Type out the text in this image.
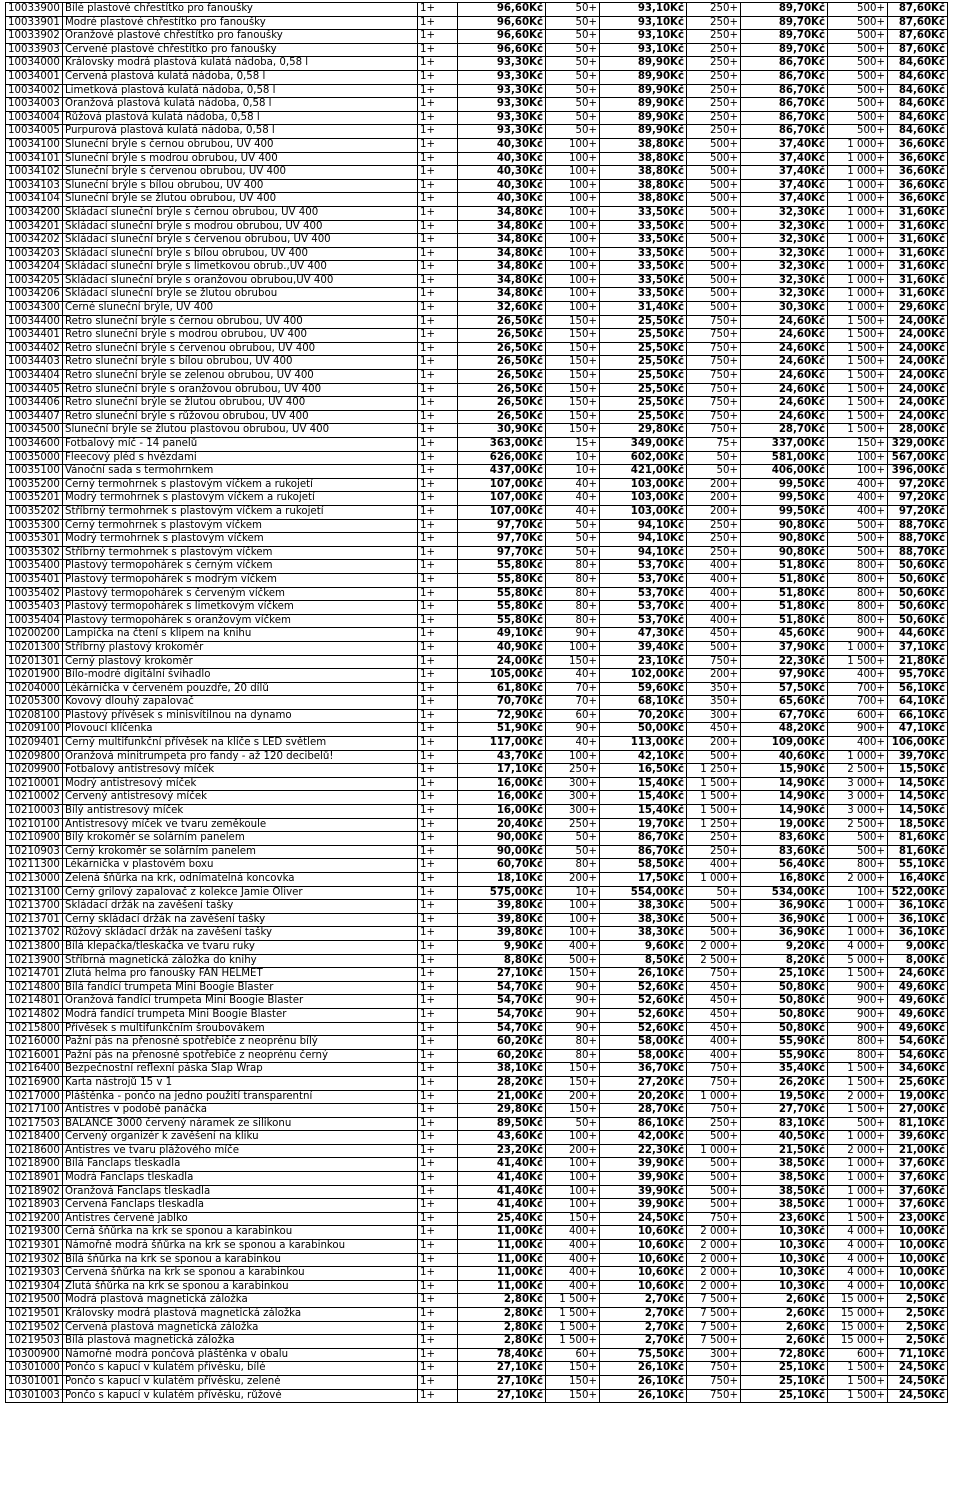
10033900	Bílé plastové chřestítko pro fanoušky	1+	96,60Kč	50+	93,10Kč	250+	89,70Kč	500+	87,60Kč
10033901	Modré plastové chřestítko pro fanoušky	1+	96,60Kč	50+	93,10Kč	250+	89,70Kč	500+	87,60Kč
10033902	Oranžové plastové chřestítko pro fanoušky	1+	96,60Kč	50+	93,10Kč	250+	89,70Kč	500+	87,60Kč
10033903	Červené plastové chřestítko pro fanoušky	1+	96,60Kč	50+	93,10Kč	250+	89,70Kč	500+	87,60Kč
10034000	Královsky modrá plastová kulatá nádoba, 0,58 l	1+	93,30Kč	50+	89,90Kč	250+	86,70Kč	500+	84,60Kč
10034001	Červená plastová kulatá nádoba, 0,58 l	1+	93,30Kč	50+	89,90Kč	250+	86,70Kč	500+	84,60Kč
10034002	Limetková plastová kulatá nádoba, 0,58 l	1+	93,30Kč	50+	89,90Kč	250+	86,70Kč	500+	84,60Kč
10034003	Oranžová plastová kulatá nádoba, 0,58 l	1+	93,30Kč	50+	89,90Kč	250+	86,70Kč	500+	84,60Kč
10034004	Růžová plastová kulatá nádoba, 0,58 l	1+	93,30Kč	50+	89,90Kč	250+	86,70Kč	500+	84,60Kč
10034005	Purpurová plastová kulatá nádoba, 0,58 l	1+	93,30Kč	50+	89,90Kč	250+	86,70Kč	500+	84,60Kč
10034100	Sluneční brýle s černou obrubou, UV 400	1+	40,30Kč	100+	38,80Kč	500+	37,40Kč	1 000+	36,60Kč
10034101	Sluneční brýle s modrou obrubou, UV 400	1+	40,30Kč	100+	38,80Kč	500+	37,40Kč	1 000+	36,60Kč
10034102	Sluneční brýle s červenou obrubou, UV 400	1+	40,30Kč	100+	38,80Kč	500+	37,40Kč	1 000+	36,60Kč
10034103	Sluneční brýle s bílou obrubou, UV 400	1+	40,30Kč	100+	38,80Kč	500+	37,40Kč	1 000+	36,60Kč
10034104	Sluneční brýle se žlutou obrubou, UV 400	1+	40,30Kč	100+	38,80Kč	500+	37,40Kč	1 000+	36,60Kč
10034200	Skládací sluneční brýle s černou obrubou, UV 400	1+	34,80Kč	100+	33,50Kč	500+	32,30Kč	1 000+	31,60Kč
10034201	Skládací sluneční brýle s modrou obrubou, UV 400	1+	34,80Kč	100+	33,50Kč	500+	32,30Kč	1 000+	31,60Kč
10034202	Skládací sluneční brýle s červenou obrubou, UV 400	1+	34,80Kč	100+	33,50Kč	500+	32,30Kč	1 000+	31,60Kč
10034203	Skládací sluneční brýle s bílou obrubou, UV 400	1+	34,80Kč	100+	33,50Kč	500+	32,30Kč	1 000+	31,60Kč
10034204	Skládací sluneční brýle s limetkovou obrub.,UV 400	1+	34,80Kč	100+	33,50Kč	500+	32,30Kč	1 000+	31,60Kč
10034205	Skládací sluneční brýle s oranžovou obrubou,UV 400	1+	34,80Kč	100+	33,50Kč	500+	32,30Kč	1 000+	31,60Kč
10034206	Skládací sluneční brýle se žlutou obrubou	1+	34,80Kč	100+	33,50Kč	500+	32,30Kč	1 000+	31,60Kč
10034300	Černé sluneční brýle, UV 400	1+	32,60Kč	100+	31,40Kč	500+	30,30Kč	1 000+	29,60Kč
10034400	Retro sluneční brýle s černou obrubou, UV 400	1+	26,50Kč	150+	25,50Kč	750+	24,60Kč	1 500+	24,00Kč
10034401	Retro sluneční brýle s modrou obrubou, UV 400	1+	26,50Kč	150+	25,50Kč	750+	24,60Kč	1 500+	24,00Kč
10034402	Retro sluneční brýle s červenou obrubou, UV 400	1+	26,50Kč	150+	25,50Kč	750+	24,60Kč	1 500+	24,00Kč
10034403	Retro sluneční brýle s bílou obrubou, UV 400	1+	26,50Kč	150+	25,50Kč	750+	24,60Kč	1 500+	24,00Kč
10034404	Retro sluneční brýle se zelenou obrubou, UV 400	1+	26,50Kč	150+	25,50Kč	750+	24,60Kč	1 500+	24,00Kč
10034405	Retro sluneční brýle s oranžovou obrubou, UV 400	1+	26,50Kč	150+	25,50Kč	750+	24,60Kč	1 500+	24,00Kč
10034406	Retro sluneční brýle se žlutou obrubou, UV 400	1+	26,50Kč	150+	25,50Kč	750+	24,60Kč	1 500+	24,00Kč
10034407	Retro sluneční brýle s růžovou obrubou, UV 400	1+	26,50Kč	150+	25,50Kč	750+	24,60Kč	1 500+	24,00Kč
10034500	Sluneční brýle se žlutou plastovou obrubou, UV 400	1+	30,90Kč	150+	29,80Kč	750+	28,70Kč	1 500+	28,00Kč
10034600	Fotbalový míč - 14 panelů	1+	363,00Kč	15+	349,00Kč	75+	337,00Kč	150+	329,00Kč
10035000	Fleecový pléd s hvězdami	1+	626,00Kč	10+	602,00Kč	50+	581,00Kč	100+	567,00Kč
10035100	Vánoční sada s termohrnkem	1+	437,00Kč	10+	421,00Kč	50+	406,00Kč	100+	396,00Kč
10035200	Černý termohrnek s plastovým víčkem a rukojetí	1+	107,00Kč	40+	103,00Kč	200+	99,50Kč	400+	97,20Kč
10035201	Modrý termohrnek s plastovým víčkem a rukojetí	1+	107,00Kč	40+	103,00Kč	200+	99,50Kč	400+	97,20Kč
10035202	Stříbrný termohrnek s plastovým víčkem a rukojetí	1+	107,00Kč	40+	103,00Kč	200+	99,50Kč	400+	97,20Kč
10035300	Černý termohrnek s plastovým víčkem	1+	97,70Kč	50+	94,10Kč	250+	90,80Kč	500+	88,70Kč
10035301	Modrý termohrnek s plastovým víčkem	1+	97,70Kč	50+	94,10Kč	250+	90,80Kč	500+	88,70Kč
10035302	Stříbrný termohrnek s plastovým víčkem	1+	97,70Kč	50+	94,10Kč	250+	90,80Kč	500+	88,70Kč
10035400	Plastový termopohárek s černým víčkem	1+	55,80Kč	80+	53,70Kč	400+	51,80Kč	800+	50,60Kč
10035401	Plastový termopohárek s modrým víčkem	1+	55,80Kč	80+	53,70Kč	400+	51,80Kč	800+	50,60Kč
10035402	Plastový termopohárek s červeným víčkem	1+	55,80Kč	80+	53,70Kč	400+	51,80Kč	800+	50,60Kč
10035403	Plastový termopohárek s limetkovým víčkem	1+	55,80Kč	80+	53,70Kč	400+	51,80Kč	800+	50,60Kč
10035404	Plastový termopohárek s oranžovým víčkem	1+	55,80Kč	80+	53,70Kč	400+	51,80Kč	800+	50,60Kč
10200200	Lampička na čtení s klipem na knihu	1+	49,10Kč	90+	47,30Kč	450+	45,60Kč	900+	44,60Kč
10201300	Stříbrný plastový krokoměr	1+	40,90Kč	100+	39,40Kč	500+	37,90Kč	1 000+	37,10Kč
10201301	Černý plastový krokoměr	1+	24,00Kč	150+	23,10Kč	750+	22,30Kč	1 500+	21,80Kč
10201900	Bílo-modré digitální švihadlo	1+	105,00Kč	40+	102,00Kč	200+	97,90Kč	400+	95,70Kč
10204000	Lékárnička v červeném pouzdře, 20 dílů	1+	61,80Kč	70+	59,60Kč	350+	57,50Kč	700+	56,10Kč
10205300	Kovový dlouhý zapalovač	1+	70,70Kč	70+	68,10Kč	350+	65,60Kč	700+	64,10Kč
10208100	Plastový přívěsek s minisvítilnou na dynamo	1+	72,90Kč	60+	70,20Kč	300+	67,70Kč	600+	66,10Kč
10209100	Plovoucí klíčenka	1+	51,90Kč	90+	50,00Kč	450+	48,20Kč	900+	47,10Kč
10209401	Černý multifunkční přívěsek na klíče s LED světlem	1+	117,00Kč	40+	113,00Kč	200+	109,00Kč	400+	106,00Kč
10209800	Oranžová minitrumpeta pro fandy - až 120 decibelů!	1+	43,70Kč	100+	42,10Kč	500+	40,60Kč	1 000+	39,70Kč
10209900	Fotbalový antistresový míček	1+	17,10Kč	250+	16,50Kč	1 250+	15,90Kč	2 500+	15,50Kč
10210001	Modrý antistresový míček	1+	16,00Kč	300+	15,40Kč	1 500+	14,90Kč	3 000+	14,50Kč
10210002	Červený antistresový míček	1+	16,00Kč	300+	15,40Kč	1 500+	14,90Kč	3 000+	14,50Kč
10210003	Bílý antistresový míček	1+	16,00Kč	300+	15,40Kč	1 500+	14,90Kč	3 000+	14,50Kč
10210100	Antistresový míček ve tvaru zeměkoule	1+	20,40Kč	250+	19,70Kč	1 250+	19,00Kč	2 500+	18,50Kč
10210900	Bílý krokoměr se solárním panelem	1+	90,00Kč	50+	86,70Kč	250+	83,60Kč	500+	81,60Kč
10210903	Černý krokoměr se solárním panelem	1+	90,00Kč	50+	86,70Kč	250+	83,60Kč	500+	81,60Kč
10211300	Lékárnička v plastovém boxu	1+	60,70Kč	80+	58,50Kč	400+	56,40Kč	800+	55,10Kč
10213000	Zelená šňůrka na krk, odnímatelná koncovka	1+	18,10Kč	200+	17,50Kč	1 000+	16,80Kč	2 000+	16,40Kč
10213100	Černý grilový zapalovač z kolekce Jamie Oliver	1+	575,00Kč	10+	554,00Kč	50+	534,00Kč	100+	522,00Kč
10213700	Skládací držák na zavěšení tašky	1+	39,80Kč	100+	38,30Kč	500+	36,90Kč	1 000+	36,10Kč
10213701	Černý skládací držák na zavěšení tašky	1+	39,80Kč	100+	38,30Kč	500+	36,90Kč	1 000+	36,10Kč
10213702	Růžový skládací držák na zavěšení tašky	1+	39,80Kč	100+	38,30Kč	500+	36,90Kč	1 000+	36,10Kč
10213800	Bílá klepačka/tleskačka ve tvaru ruky	1+	9,90Kč	400+	9,60Kč	2 000+	9,20Kč	4 000+	9,00Kč
10213900	Stříbrná magnetická záložka do knihy	1+	8,80Kč	500+	8,50Kč	2 500+	8,20Kč	5 000+	8,00Kč
10214701	Žlutá helma pro fanoušky FAN HELMET	1+	27,10Kč	150+	26,10Kč	750+	25,10Kč	1 500+	24,60Kč
10214800	Bílá fandící trumpeta Mini Boogie Blaster	1+	54,70Kč	90+	52,60Kč	450+	50,80Kč	900+	49,60Kč
10214801	Oranžová fandící trumpeta Mini Boogie Blaster	1+	54,70Kč	90+	52,60Kč	450+	50,80Kč	900+	49,60Kč
10214802	Modrá fandící trumpeta Mini Boogie Blaster	1+	54,70Kč	90+	52,60Kč	450+	50,80Kč	900+	49,60Kč
10215800	Přívěsek s multifunkčním šroubovákem	1+	54,70Kč	90+	52,60Kč	450+	50,80Kč	900+	49,60Kč
10216000	Pažní pás na přenosné spotřebiče z neoprénu bílý	1+	60,20Kč	80+	58,00Kč	400+	55,90Kč	800+	54,60Kč
10216001	Pažní pás na přenosné spotřebiče z neoprénu černý	1+	60,20Kč	80+	58,00Kč	400+	55,90Kč	800+	54,60Kč
10216400	Bezpečnostní reflexní páska Slap Wrap	1+	38,10Kč	150+	36,70Kč	750+	35,40Kč	1 500+	34,60Kč
10216900	Karta nástrojů 15 v 1	1+	28,20Kč	150+	27,20Kč	750+	26,20Kč	1 500+	25,60Kč
10217000	Pláštěnka - pončo na jedno použití transparentní	1+	21,00Kč	200+	20,20Kč	1 000+	19,50Kč	2 000+	19,00Kč
10217100	Antistres v podobě panáčka	1+	29,80Kč	150+	28,70Kč	750+	27,70Kč	1 500+	27,00Kč
10217503	BALANCE 3000 červený náramek ze silikonu	1+	89,50Kč	50+	86,10Kč	250+	83,10Kč	500+	81,10Kč
10218400	Červený organizér k zavěšení na kliku	1+	43,60Kč	100+	42,00Kč	500+	40,50Kč	1 000+	39,60Kč
10218600	Antistres ve tvaru plážového míče	1+	23,20Kč	200+	22,30Kč	1 000+	21,50Kč	2 000+	21,00Kč
10218900	Bílá Fanclaps tleskadla	1+	41,40Kč	100+	39,90Kč	500+	38,50Kč	1 000+	37,60Kč
10218901	Modrá Fanclaps tleskadla	1+	41,40Kč	100+	39,90Kč	500+	38,50Kč	1 000+	37,60Kč
10218902	Oranžová Fanclaps tleskadla	1+	41,40Kč	100+	39,90Kč	500+	38,50Kč	1 000+	37,60Kč
10218903	Červená Fanclaps tleskadla	1+	41,40Kč	100+	39,90Kč	500+	38,50Kč	1 000+	37,60Kč
10219200	Antistres červené jablko	1+	25,40Kč	150+	24,50Kč	750+	23,60Kč	1 500+	23,00Kč
10219300	Černá šňůrka na krk se sponou a karabinkou	1+	11,00Kč	400+	10,60Kč	2 000+	10,30Kč	4 000+	10,00Kč
10219301	Námořně modrá šňůrka na krk se sponou a karabinkou	1+	11,00Kč	400+	10,60Kč	2 000+	10,30Kč	4 000+	10,00Kč
10219302	Bílá šňůrka na krk se sponou a karabinkou	1+	11,00Kč	400+	10,60Kč	2 000+	10,30Kč	4 000+	10,00Kč
10219303	Červená šňůrka na krk se sponou a karabinkou	1+	11,00Kč	400+	10,60Kč	2 000+	10,30Kč	4 000+	10,00Kč
10219304	Žlutá šňůrka na krk se sponou a karabinkou	1+	11,00Kč	400+	10,60Kč	2 000+	10,30Kč	4 000+	10,00Kč
10219500	Modrá plastová magnetická záložka	1+	2,80Kč	1 500+	2,70Kč	7 500+	2,60Kč	15 000+	2,50Kč
10219501	Královsky modrá plastová magnetická záložka	1+	2,80Kč	1 500+	2,70Kč	7 500+	2,60Kč	15 000+	2,50Kč
10219502	Červená plastová magnetická záložka	1+	2,80Kč	1 500+	2,70Kč	7 500+	2,60Kč	15 000+	2,50Kč
10219503	Bílá plastová magnetická záložka	1+	2,80Kč	1 500+	2,70Kč	7 500+	2,60Kč	15 000+	2,50Kč
10300900	Námořně modrá pončová pláštěnka v obalu	1+	78,40Kč	60+	75,50Kč	300+	72,80Kč	600+	71,10Kč
10301000	Pončo s kapucí v kulatém přívěsku, bílé	1+	27,10Kč	150+	26,10Kč	750+	25,10Kč	1 500+	24,50Kč
10301001	Pončo s kapucí v kulatém přívěsku, zelené	1+	27,10Kč	150+	26,10Kč	750+	25,10Kč	1 500+	24,50Kč
10301003	Pončo s kapucí v kulatém přívěsku, růžové	1+	27,10Kč	150+	26,10Kč	750+	25,10Kč	1 500+	24,50Kč
